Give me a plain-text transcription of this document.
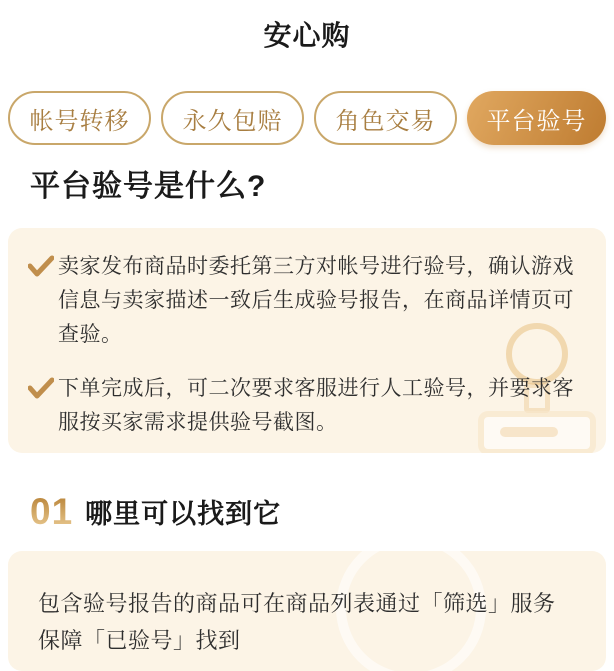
安心购
帐号转移 永久包赔 角色交易 平台验号
平台验号是什么?
卖家发布商品时委托第三方对帐号进行验号，确认游戏信息与卖家描述一致后生成验号报告，在商品详情页可查验。
下单完成后，可二次要求客服进行人工验号，并要求客服按买家需求提供验号截图。
01 哪里可以找到它
包含验号报告的商品可在商品列表通过「筛选」服务保障「已验号」找到
